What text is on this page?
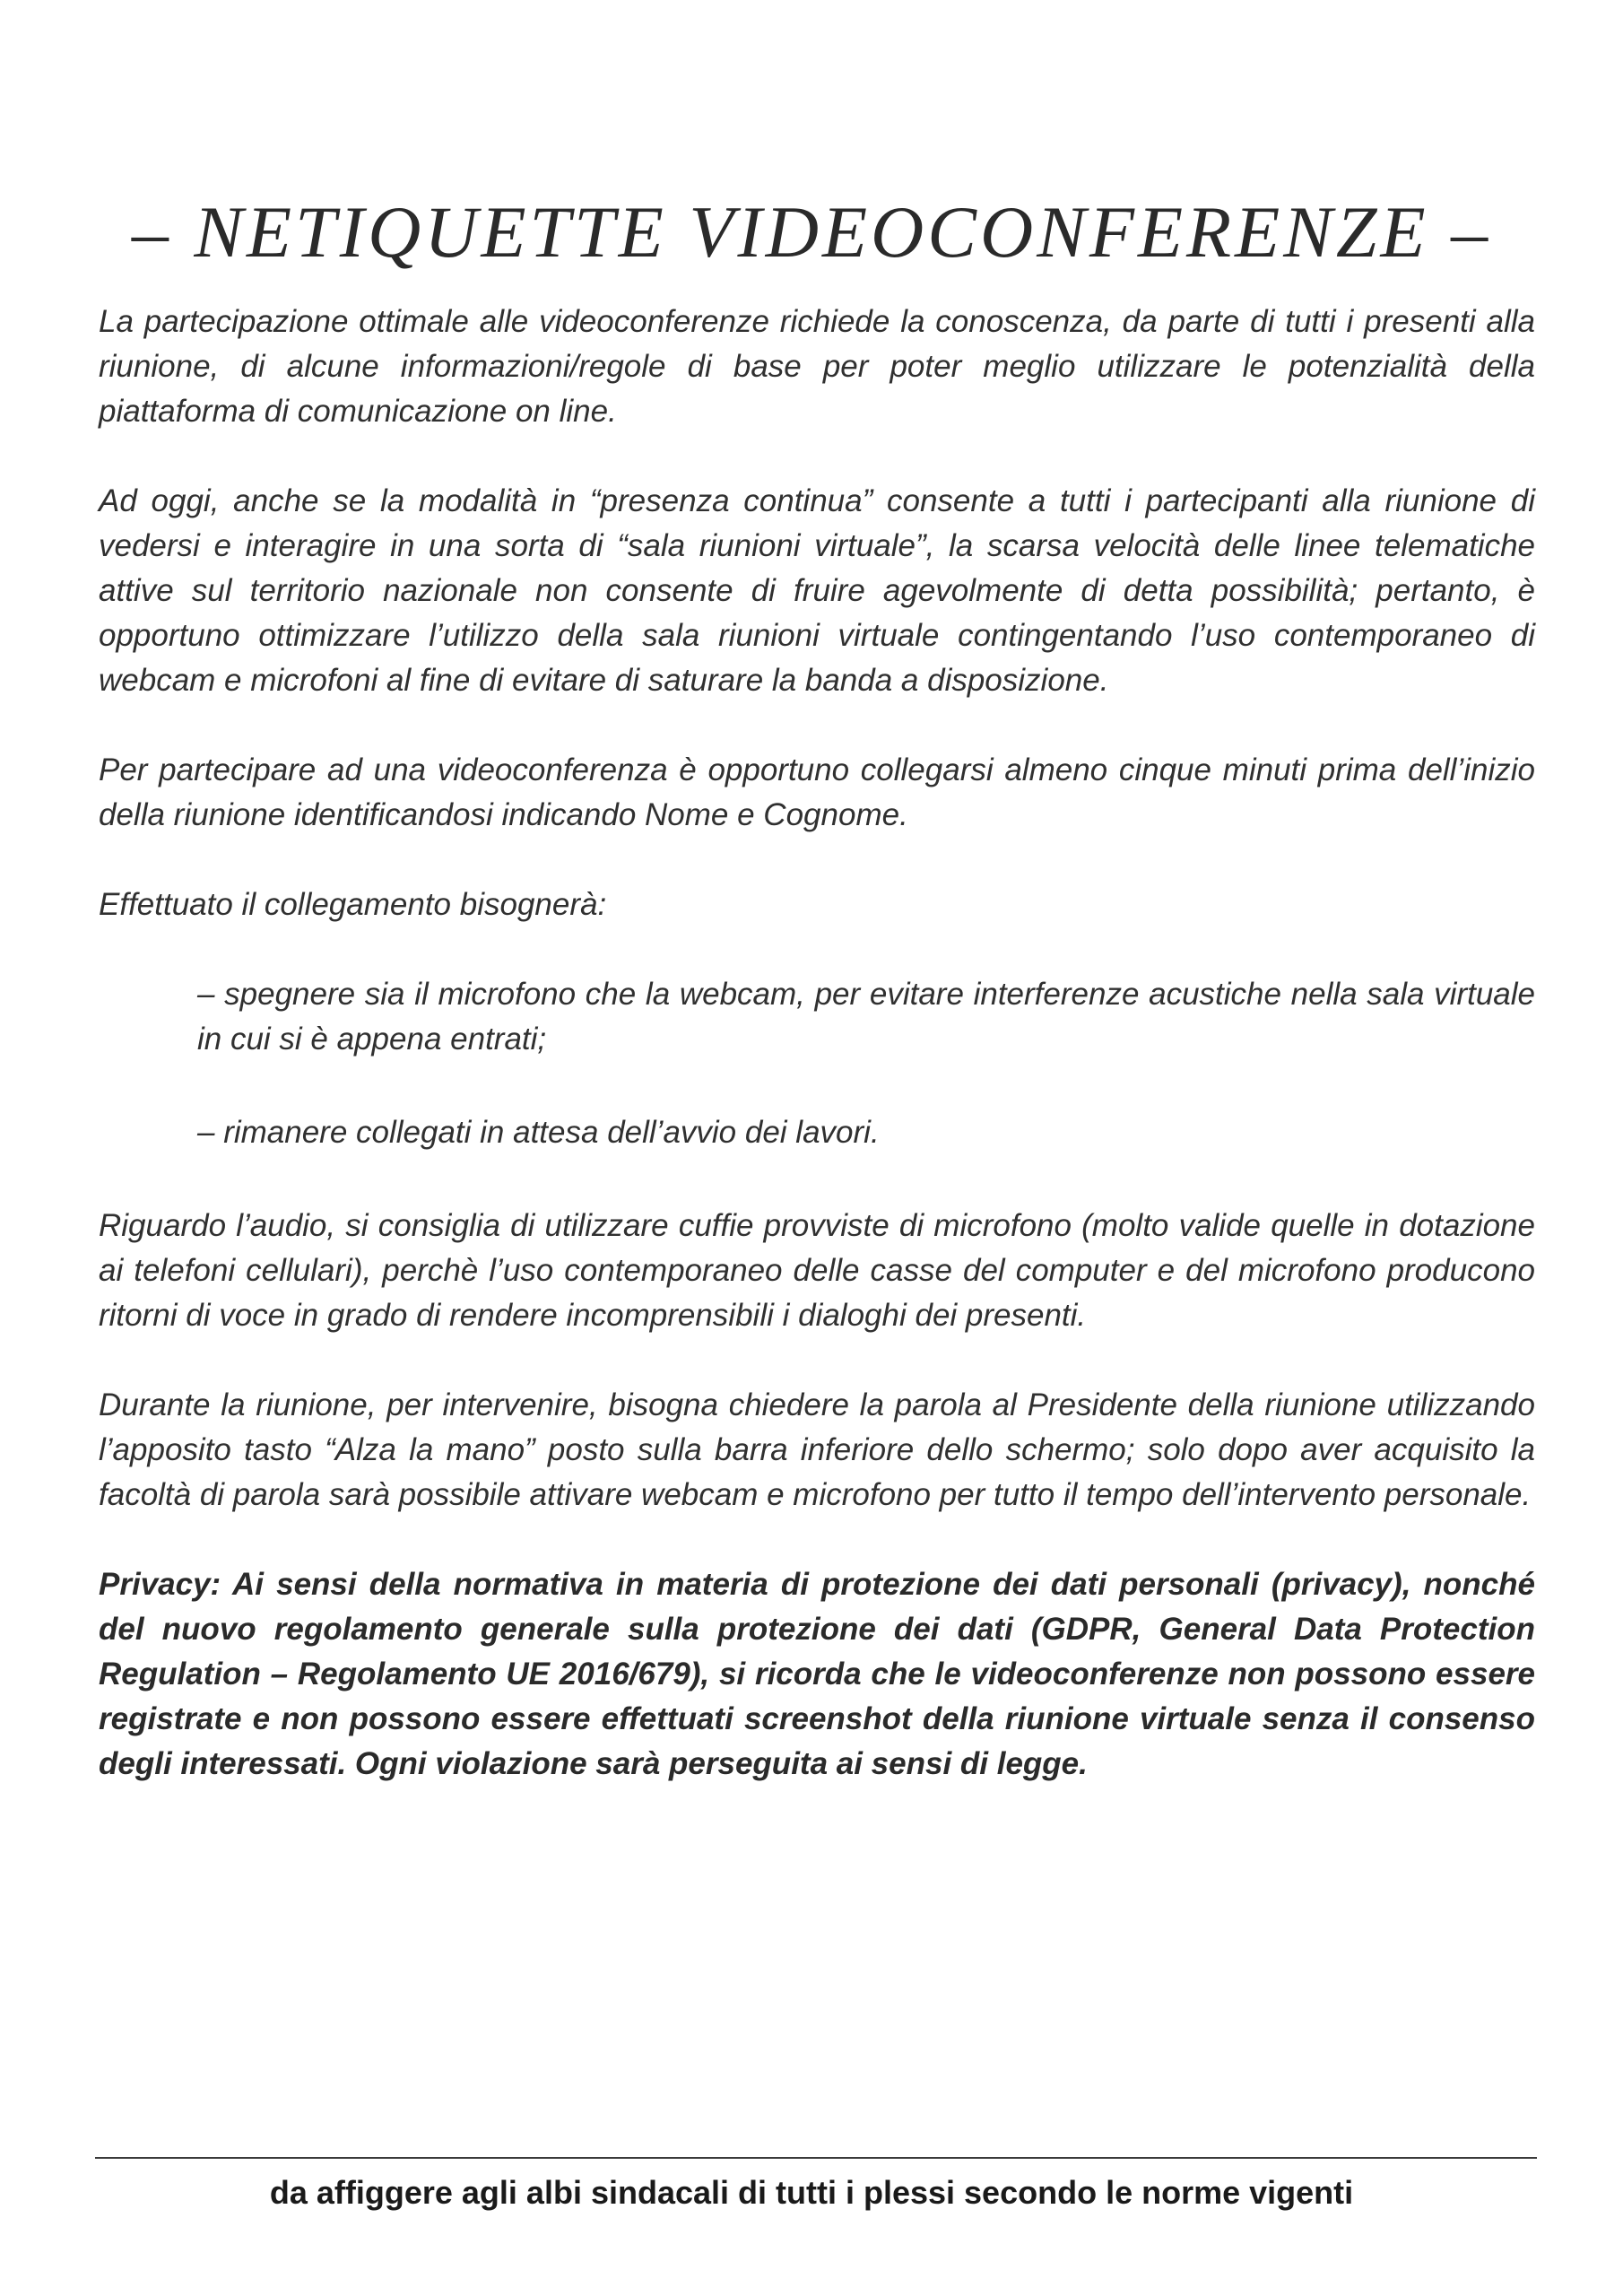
– NETIQUETTE VIDEOCONFERENZE –

La partecipazione ottimale alle videoconferenze richiede la conoscenza, da parte di tutti i presenti alla riunione, di alcune informazioni/regole di base per poter meglio utilizzare le potenzialità della piattaforma di comunicazione on line.

Ad oggi, anche se la modalità in “presenza continua” consente a tutti i partecipanti alla riunione di vedersi e interagire in una sorta di “sala riunioni virtuale”, la scarsa velocità delle linee telematiche attive sul territorio nazionale non consente di fruire agevolmente di detta possibilità; pertanto, è opportuno ottimizzare l’utilizzo della sala riunioni virtuale contingentando l’uso contemporaneo di webcam e microfoni al fine di evitare di saturare la banda a disposizione.

Per partecipare ad una videoconferenza è opportuno collegarsi almeno cinque minuti prima dell’inizio della riunione identificandosi indicando Nome e Cognome.

Effettuato il collegamento bisognerà:

– spegnere sia il microfono che la webcam, per evitare interferenze acustiche nella sala virtuale in cui si è appena entrati;

– rimanere collegati in attesa dell’avvio dei lavori.

Riguardo l’audio, si consiglia di utilizzare cuffie provviste di microfono (molto valide quelle in dotazione ai telefoni cellulari), perchè l’uso contemporaneo delle casse del computer e del microfono producono ritorni di voce in grado di rendere incomprensibili i dialoghi dei presenti.

Durante la riunione, per intervenire, bisogna chiedere la parola al Presidente della riunione utilizzando l’apposito tasto “Alza la mano” posto sulla barra inferiore dello schermo; solo dopo aver acquisito la facoltà di parola sarà possibile attivare webcam e microfono per tutto il tempo dell’intervento personale.

Privacy: Ai sensi della normativa in materia di protezione dei dati personali (privacy), nonché del nuovo regolamento generale sulla protezione dei dati (GDPR, General Data Protection Regulation – Regolamento UE 2016/679), si ricorda che le videoconferenze non possono essere registrate e non possono essere effettuati screenshot della riunione virtuale senza il consenso degli interessati. Ogni violazione sarà perseguita ai sensi di legge.

da affiggere agli albi sindacali di tutti i plessi secondo le norme vigenti
